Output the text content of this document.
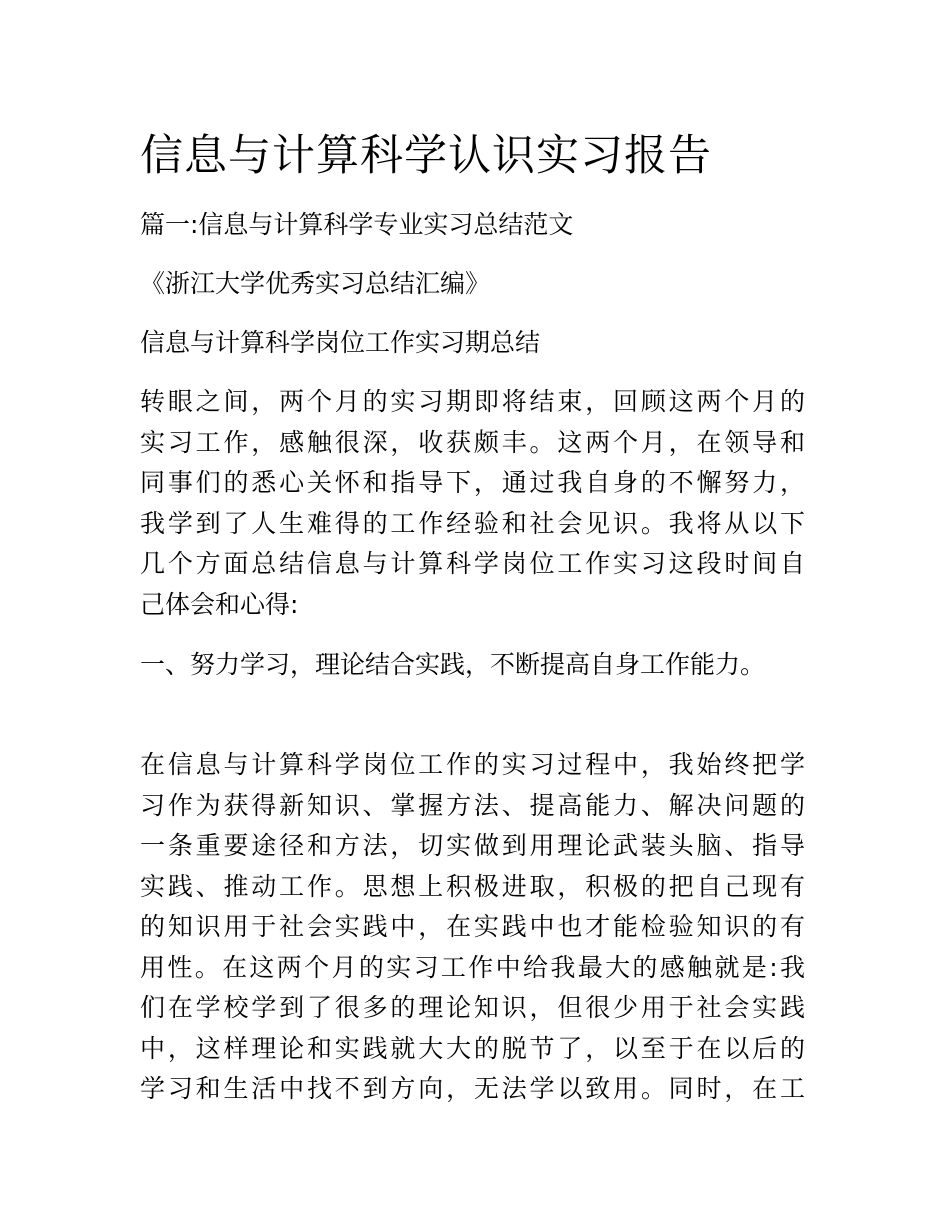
信息与计算科学认识实习报告

篇一:信息与计算科学专业实习总结范文

《浙江大学优秀实习总结汇编》

信息与计算科学岗位工作实习期总结

转眼之间，两个月的实习期即将结束，回顾这两个月的
实习工作，感触很深，收获颇丰。这两个月，在领导和
同事们的悉心关怀和指导下，通过我自身的不懈努力，
我学到了人生难得的工作经验和社会见识。我将从以下
几个方面总结信息与计算科学岗位工作实习这段时间自
己体会和心得:

一、努力学习，理论结合实践，不断提高自身工作能力。

在信息与计算科学岗位工作的实习过程中，我始终把学
习作为获得新知识、掌握方法、提高能力、解决问题的
一条重要途径和方法，切实做到用理论武装头脑、指导
实践、推动工作。思想上积极进取，积极的把自己现有
的知识用于社会实践中，在实践中也才能检验知识的有
用性。在这两个月的实习工作中给我最大的感触就是:我
们在学校学到了很多的理论知识，但很少用于社会实践
中，这样理论和实践就大大的脱节了，以至于在以后的
学习和生活中找不到方向，无法学以致用。同时，在工
